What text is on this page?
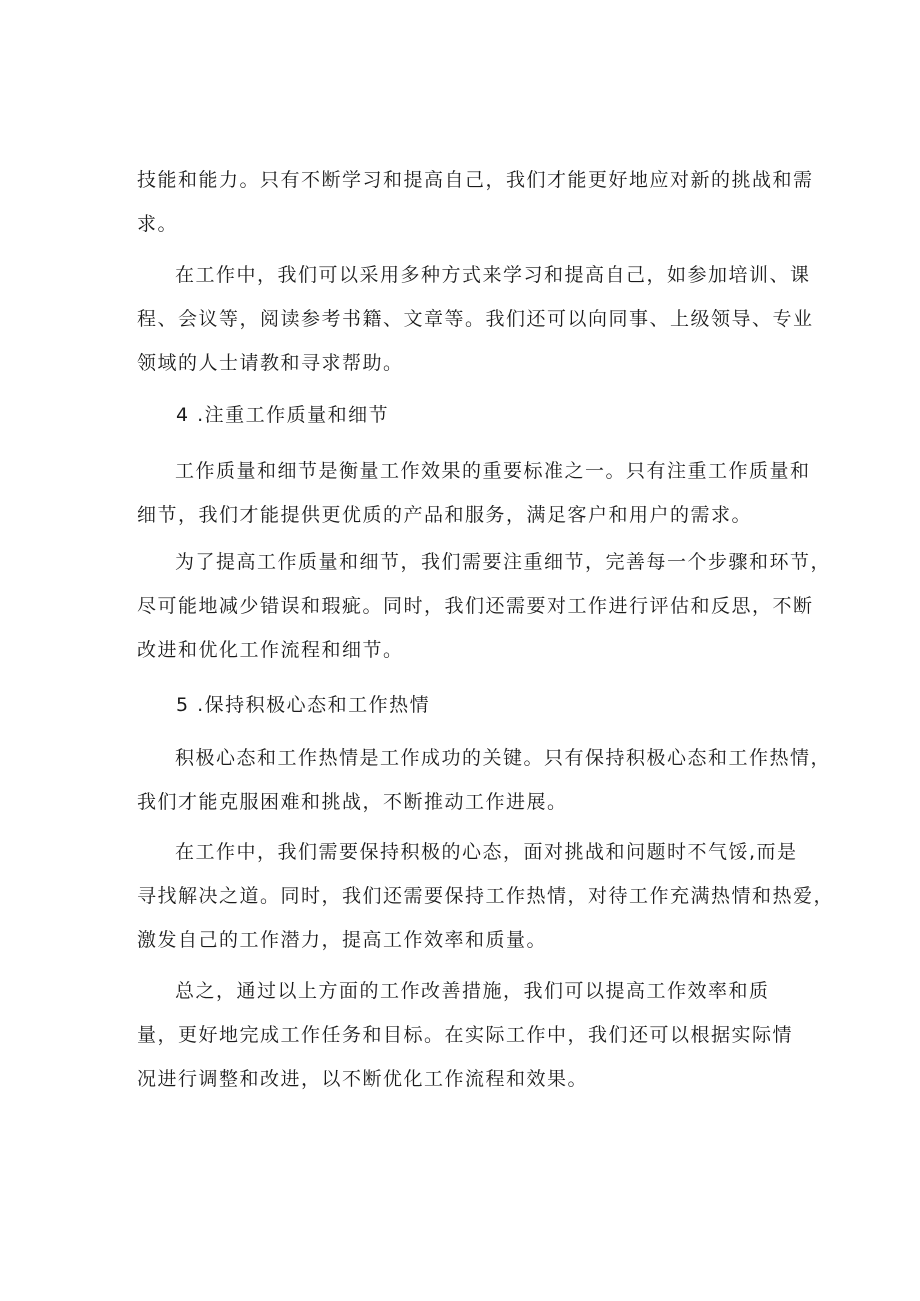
技能和能力。只有不断学习和提高自己，我们才能更好地应对新的挑战和需
求。

在工作中，我们可以采用多种方式来学习和提高自己，如参加培训、课
程、会议等，阅读参考书籍、文章等。我们还可以向同事、上级领导、专业
领域的人士请教和寻求帮助。

4 .注重工作质量和细节

工作质量和细节是衡量工作效果的重要标准之一。只有注重工作质量和
细节，我们才能提供更优质的产品和服务，满足客户和用户的需求。

为了提高工作质量和细节，我们需要注重细节，完善每一个步骤和环节，
尽可能地减少错误和瑕疵。同时，我们还需要对工作进行评估和反思，不断
改进和优化工作流程和细节。

5 .保持积极心态和工作热情

积极心态和工作热情是工作成功的关键。只有保持积极心态和工作热情，
我们才能克服困难和挑战，不断推动工作进展。

在工作中，我们需要保持积极的心态，面对挑战和问题时不气馁,而是
寻找解决之道。同时，我们还需要保持工作热情，对待工作充满热情和热爱，
激发自己的工作潜力，提高工作效率和质量。

总之，通过以上方面的工作改善措施，我们可以提高工作效率和质
量，更好地完成工作任务和目标。在实际工作中，我们还可以根据实际情
况进行调整和改进，以不断优化工作流程和效果。
